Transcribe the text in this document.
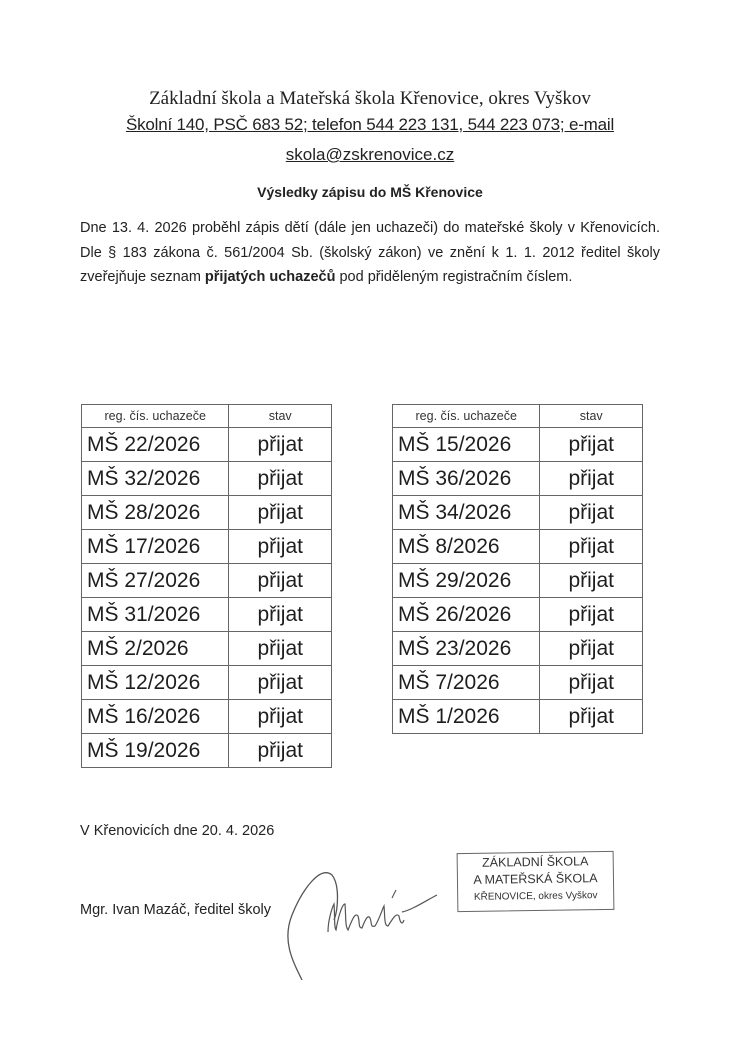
Základní škola a Mateřská škola Křenovice, okres Vyškov
Školní 140, PSČ 683 52; telefon 544 223 131, 544 223 073; e-mail
skola@zskrenovice.cz
Výsledky zápisu do MŠ Křenovice
Dne 13. 4. 2026 proběhl zápis dětí (dále jen uchazeči) do mateřské školy v Křenovicích. Dle § 183 zákona č. 561/2004 Sb. (školský zákon) ve znění k 1. 1. 2012 ředitel školy zveřejňuje seznam přijatých uchazečů pod přiděleným registračním číslem.
reg. čís. uchazeče	stav
MŠ 22/2026	přijat
MŠ 32/2026	přijat
MŠ 28/2026	přijat
MŠ 17/2026	přijat
MŠ 27/2026	přijat
MŠ 31/2026	přijat
MŠ 2/2026	přijat
MŠ 12/2026	přijat
MŠ 16/2026	přijat
MŠ 19/2026	přijat
reg. čís. uchazeče	stav
MŠ 15/2026	přijat
MŠ 36/2026	přijat
MŠ 34/2026	přijat
MŠ 8/2026	přijat
MŠ 29/2026	přijat
MŠ 26/2026	přijat
MŠ 23/2026	přijat
MŠ 7/2026	přijat
MŠ 1/2026	přijat
V Křenovicích dne 20. 4. 2026
Mgr. Ivan Mazáč, ředitel školy
ZÁKLADNÍ ŠKOLA
A MATEŘSKÁ ŠKOLA
KŘENOVICE, okres Vyškov
